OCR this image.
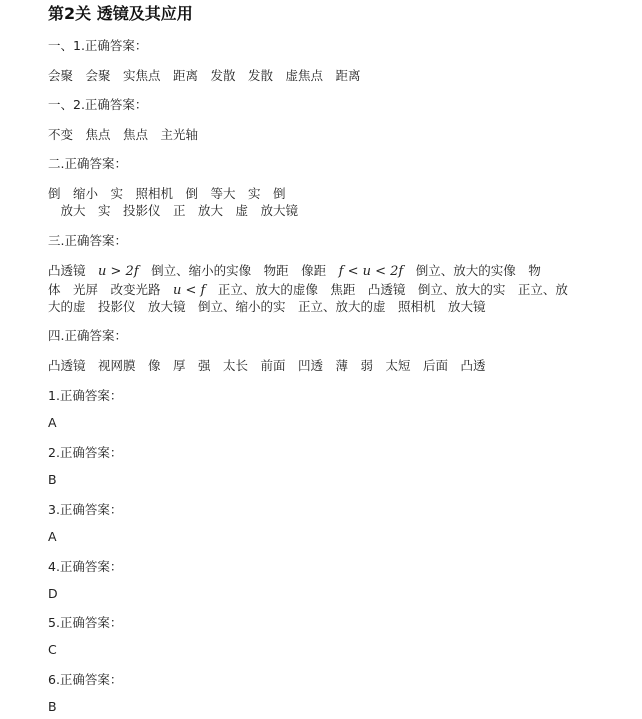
第2关 透镜及其应用
一、1.正确答案：
会聚　会聚　实焦点　距离　发散　发散　虚焦点　距离
一、2.正确答案：
不变　焦点　焦点　主光轴
二.正确答案：
倒　缩小　实　照相机　倒　等大　实　倒
　放大　实　投影仪　正　放大　虚　放大镜
三.正确答案：
凸透镜　u > 2f　倒立、缩小的实像　物距　像距　f < u < 2f　倒立、放大的实像　物
体　光屏　改变光路　u < f　正立、放大的虚像　焦距　凸透镜　倒立、放大的实　正立、放
大的虚　投影仪　放大镜　倒立、缩小的实　正立、放大的虚　照相机　放大镜
四.正确答案：
凸透镜　视网膜　像　厚　强　太长　前面　凹透　薄　弱　太短　后面　凸透
1.正确答案：
A
2.正确答案：
B
3.正确答案：
A
4.正确答案：
D
5.正确答案：
C
6.正确答案：
B
